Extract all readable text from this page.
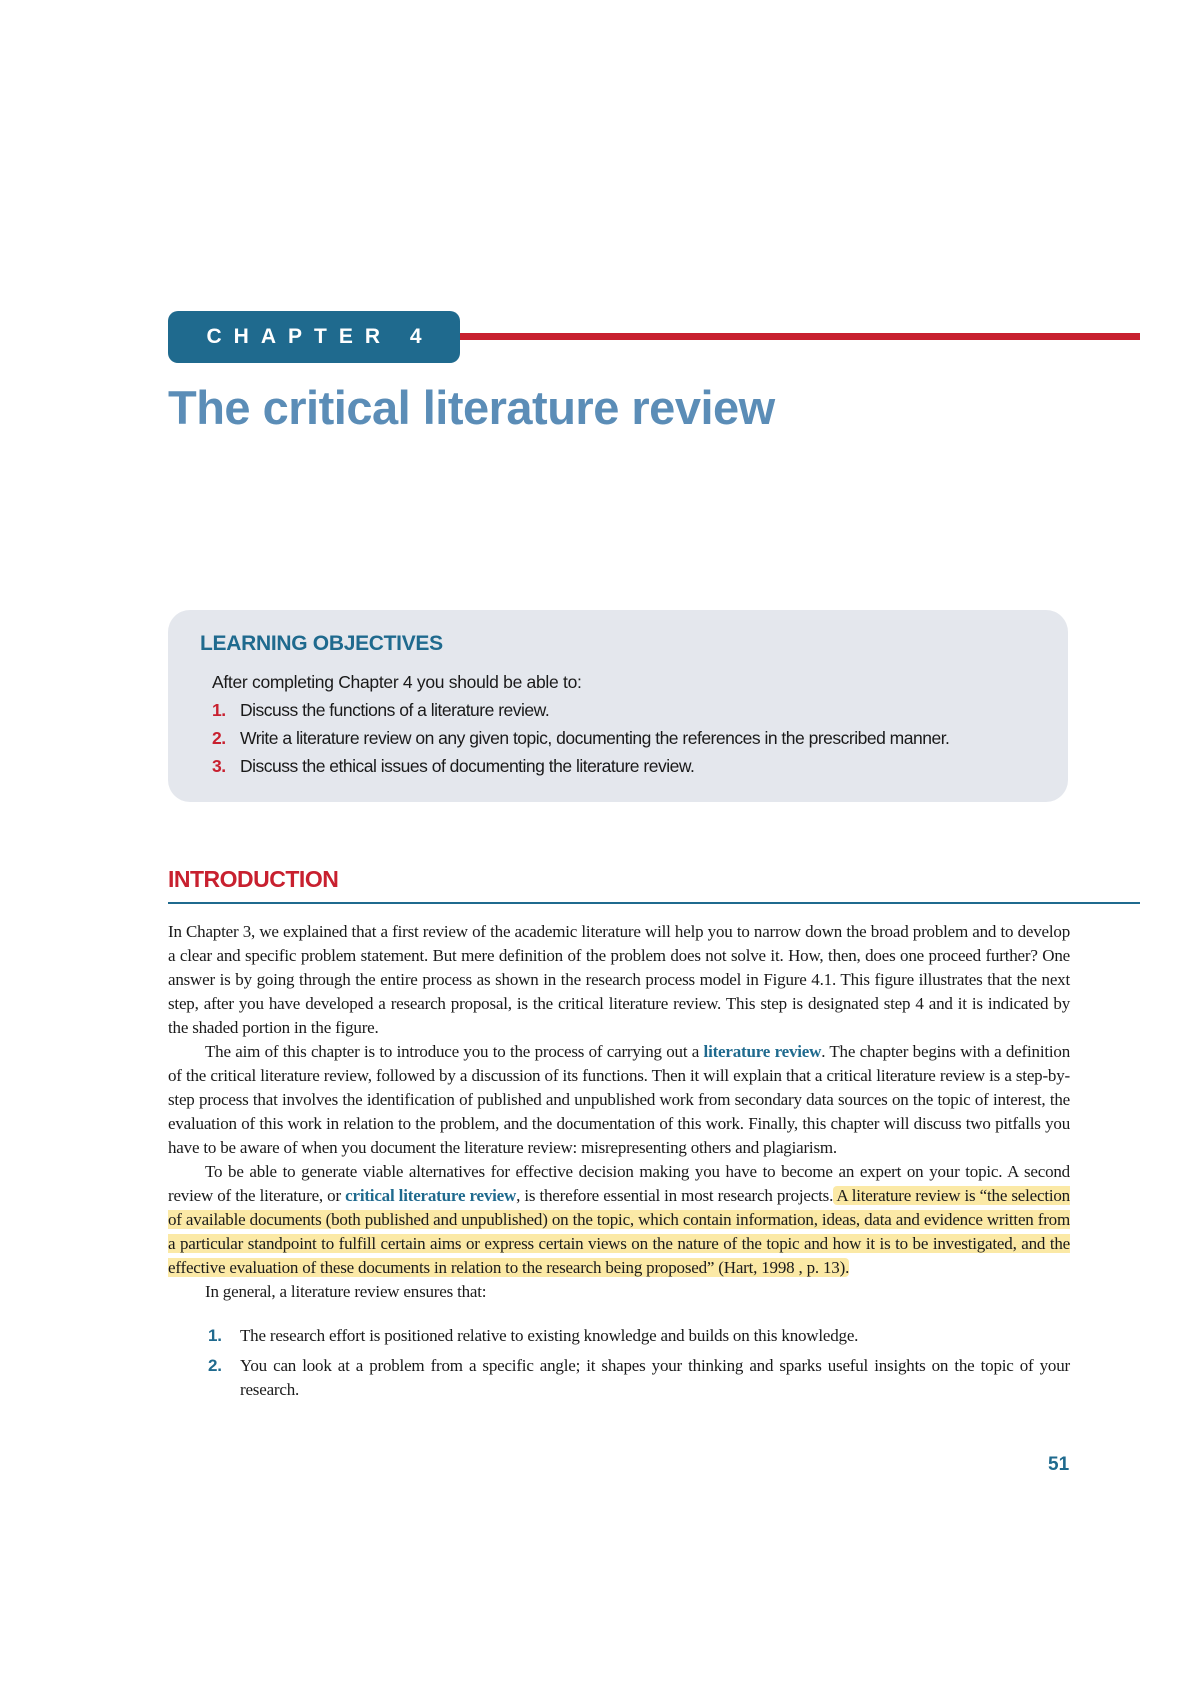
CHAPTER 4
The critical literature review
LEARNING OBJECTIVES

After completing Chapter 4 you should be able to:

1. Discuss the functions of a literature review.
2. Write a literature review on any given topic, documenting the references in the prescribed manner.
3. Discuss the ethical issues of documenting the literature review.
INTRODUCTION

In Chapter 3, we explained that a first review of the academic literature will help you to narrow down the broad problem and to develop a clear and specific problem statement. But mere definition of the problem does not solve it. How, then, does one proceed further? One answer is by going through the entire process as shown in the research process model in Figure 4.1. This figure illustrates that the next step, after you have developed a research proposal, is the critical literature review. This step is designated step 4 and it is indicated by the shaded portion in the figure.

The aim of this chapter is to introduce you to the process of carrying out a literature review. The chapter begins with a definition of the critical literature review, followed by a discussion of its functions. Then it will explain that a critical literature review is a step-by-step process that involves the identification of published and unpublished work from secondary data sources on the topic of interest, the evaluation of this work in relation to the problem, and the documentation of this work. Finally, this chapter will discuss two pitfalls you have to be aware of when you document the literature review: misrepresenting others and plagiarism.

To be able to generate viable alternatives for effective decision making you have to become an expert on your topic. A second review of the literature, or critical literature review, is therefore essential in most research projects. A literature review is “the selection of available documents (both published and unpublished) on the topic, which contain information, ideas, data and evidence written from a particular standpoint to fulfill certain aims or express certain views on the nature of the topic and how it is to be investigated, and the effective evaluation of these documents in relation to the research being proposed” (Hart, 1998 , p. 13).

In general, a literature review ensures that:

1.	The research effort is positioned relative to existing knowledge and builds on this knowledge.
2.	You can look at a problem from a specific angle; it shapes your thinking and sparks useful insights on the topic of your research.
51
